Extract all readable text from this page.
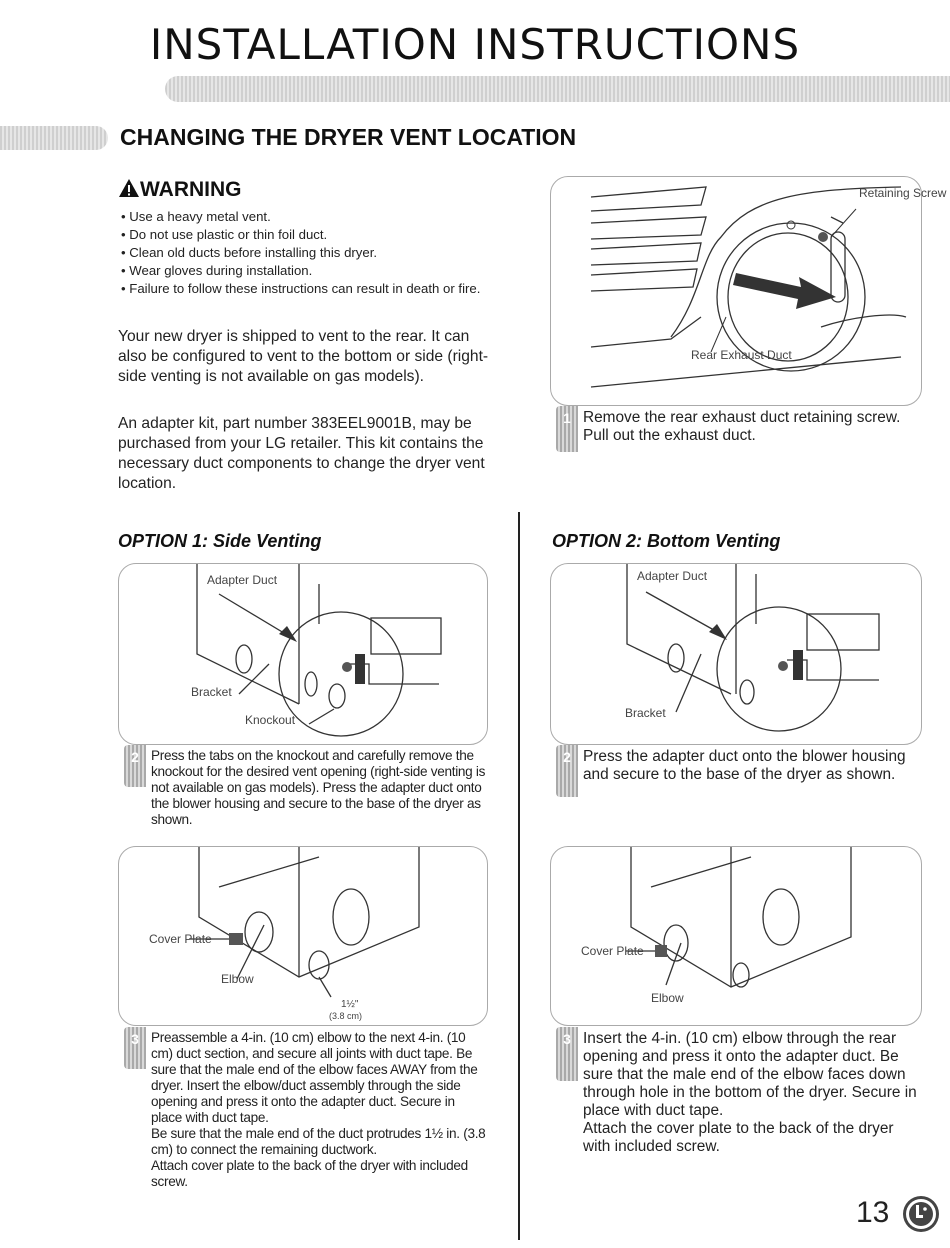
INSTALLATION INSTRUCTIONS
CHANGING THE DRYER VENT LOCATION
WARNING
• Use a heavy metal vent.
• Do not use plastic or thin foil duct.
• Clean old ducts before installing this dryer.
• Wear gloves during installation.
• Failure to follow these instructions can result in death or fire.

Your new dryer is shipped to vent to the rear. It can also be configured to vent to the bottom or side (right-side venting is not available on gas models).

An adapter kit, part number 383EEL9001B, may be purchased from your LG retailer. This kit contains the necessary duct components to change the dryer vent location.

Retaining Screw
Rear Exhaust Duct
1 Remove the rear exhaust duct retaining screw. Pull out the exhaust duct.

OPTION 1: Side Venting
Adapter Duct
Bracket
Knockout
2 Press the tabs on the knockout and carefully remove the knockout for the desired vent opening (right-side venting is not available on gas models). Press the adapter duct onto the blower housing and secure to the base of the dryer as shown.

Cover Plate
Elbow
1½"
(3.8 cm)
3 Preassemble a 4-in. (10 cm) elbow to the next 4-in. (10 cm) duct section, and secure all joints with duct tape. Be sure that the male end of the elbow faces AWAY from the dryer. Insert the elbow/duct assembly through the side opening and press it onto the adapter duct. Secure in place with duct tape.

Be sure that the male end of the duct protrudes 1½ in. (3.8 cm) to connect the remaining ductwork.

Attach cover plate to the back of the dryer with included screw.

OPTION 2: Bottom Venting
Adapter Duct
Bracket
2 Press the adapter duct onto the blower housing and secure to the base of the dryer as shown.

Cover Plate
Elbow
3 Insert the 4-in. (10 cm) elbow through the rear opening and press it onto the adapter duct. Be sure that the male end of the elbow faces down through hole in the bottom of the dryer. Secure in place with duct tape.

Attach the cover plate to the back of the dryer with included screw.

13
